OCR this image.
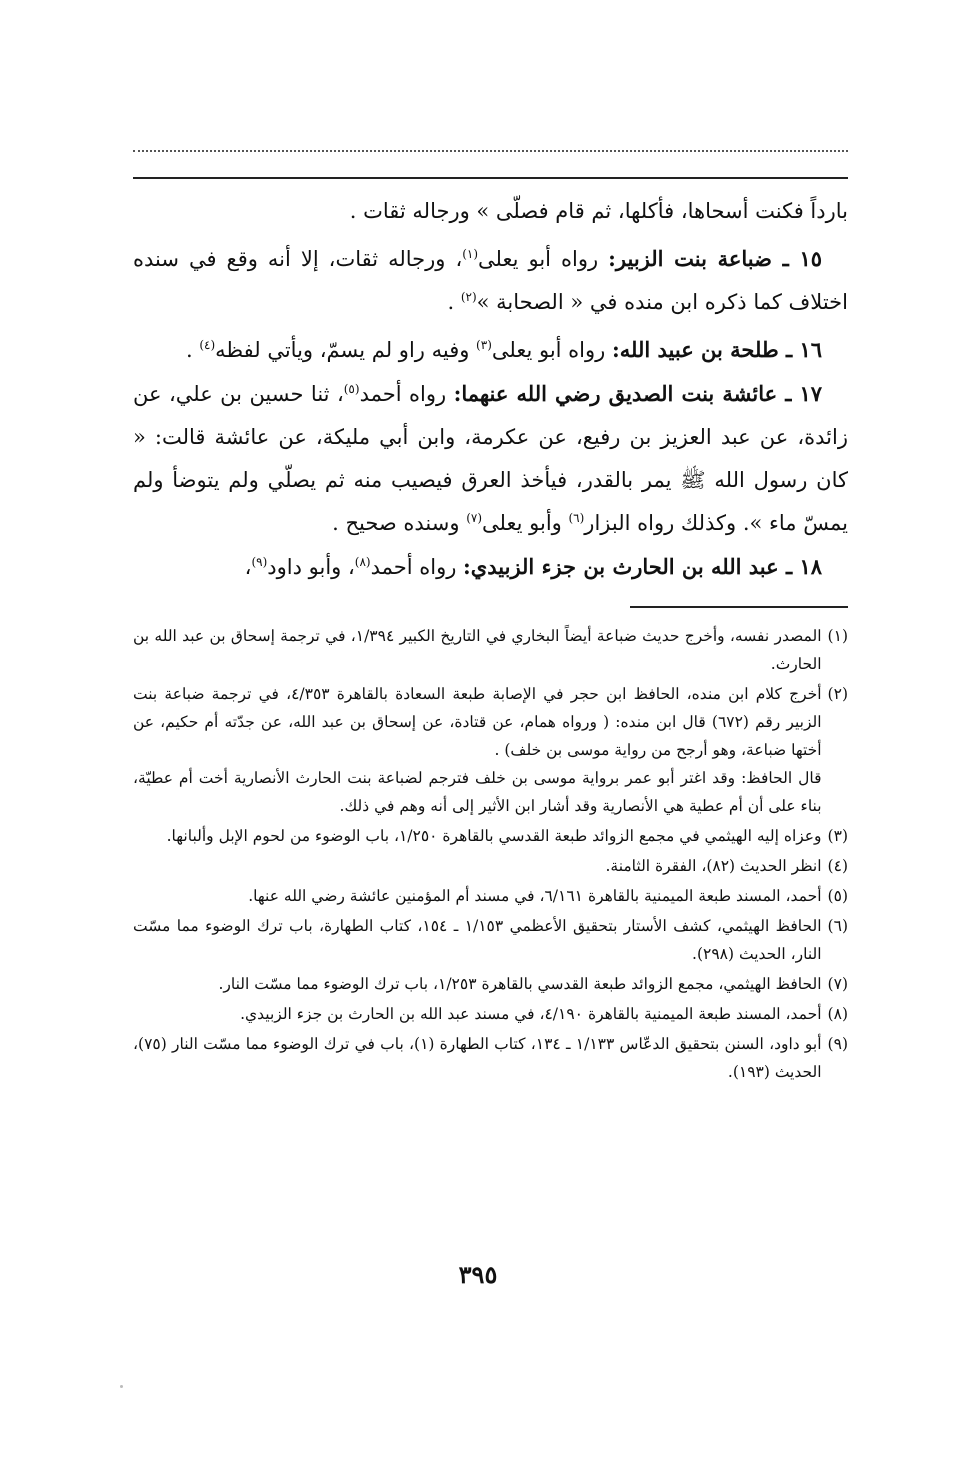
بارداً فكنت أسحاها، فأكلها، ثم قام فصلّى » ورجاله ثقات .

١٥ ـ ضباعة بنت الزبير: رواه أبو يعلى$^{(١)}$، ورجاله ثقات، إلا أنه وقع في سنده اختلاف كما ذكره ابن منده في « الصحابة »$^{(٢)}$ .

١٦ ـ طلحة بن عبيد الله: رواه أبو يعلى$^{(٣)}$ وفيه راو لم يسمّ، ويأتي لفظه$^{(٤)}$ .

١٧ ـ عائشة بنت الصديق رضي الله عنهما: رواه أحمد$^{(٥)}$، ثنا حسين بن علي، عن زائدة، عن عبد العزيز بن رفيع، عن عكرمة، وابن أبي مليكة، عن عائشة قالت: « كان رسول الله ﷺ يمر بالقدر، فيأخذ العرق فيصيب منه ثم يصلّي ولم يتوضأ ولم يمسّ ماء ». وكذلك رواه البزار$^{(٦)}$ وأبو يعلى$^{(٧)}$ وسنده صحيح .

١٨ ـ عبد الله بن الحارث بن جزء الزبيدي: رواه أحمد$^{(٨)}$، وأبو داود$^{(٩)}$،

(١)

المصدر نفسه، وأخرج حديث ضباعة أيضاً البخاري في التاريخ الكبير ١/٣٩٤، في ترجمة إسحاق بن عبد الله بن الحارث.

(٢)

أخرج كلام ابن منده، الحافظ ابن حجر في الإصابة طبعة السعادة بالقاهرة ٤/٣٥٣، في ترجمة ضباعة بنت الزبير رقم (٦٧٢) قال ابن منده: ( ورواه همام، عن قتادة، عن إسحاق بن عبد الله، عن جدّته أم حكيم، عن أختها ضباعة، وهو أرجح من رواية موسى بن خلف) .

قال الحافظ: وقد اغتر أبو عمر برواية موسى بن خلف فترجم لضباعة بنت الحارث الأنصارية أخت أم عطيّة، بناء على أن أم عطية هي الأنصارية وقد أشار ابن الأثير إلى أنه وهم في ذلك.

(٣)

وعزاه إليه الهيثمي في مجمع الزوائد طبعة القدسي بالقاهرة ١/٢٥٠، باب الوضوء من لحوم الإبل وألبانها.

(٤)

انظر الحديث (٨٢)، الفقرة الثامنة.

(٥)

أحمد، المسند طبعة الميمنية بالقاهرة ٦/١٦١، في مسند أم المؤمنين عائشة رضي الله عنها.

(٦)

الحافظ الهيثمي، كشف الأستار بتحقيق الأعظمي ١/١٥٣ ـ ١٥٤، كتاب الطهارة، باب ترك الوضوء مما مسّت النار، الحديث (٢٩٨).

(٧)

الحافظ الهيثمي، مجمع الزوائد طبعة القدسي بالقاهرة ١/٢٥٣، باب ترك الوضوء مما مسّت النار.

(٨)

أحمد، المسند طبعة الميمنية بالقاهرة ٤/١٩٠، في مسند عبد الله بن الحارث بن جزء الزبيدي.

(٩)

أبو داود، السنن بتحقيق الدعّاس ١/١٣٣ ـ ١٣٤، كتاب الطهارة (١)، باب في ترك الوضوء مما مسّت النار (٧٥)، الحديث (١٩٣).

٣٩٥
